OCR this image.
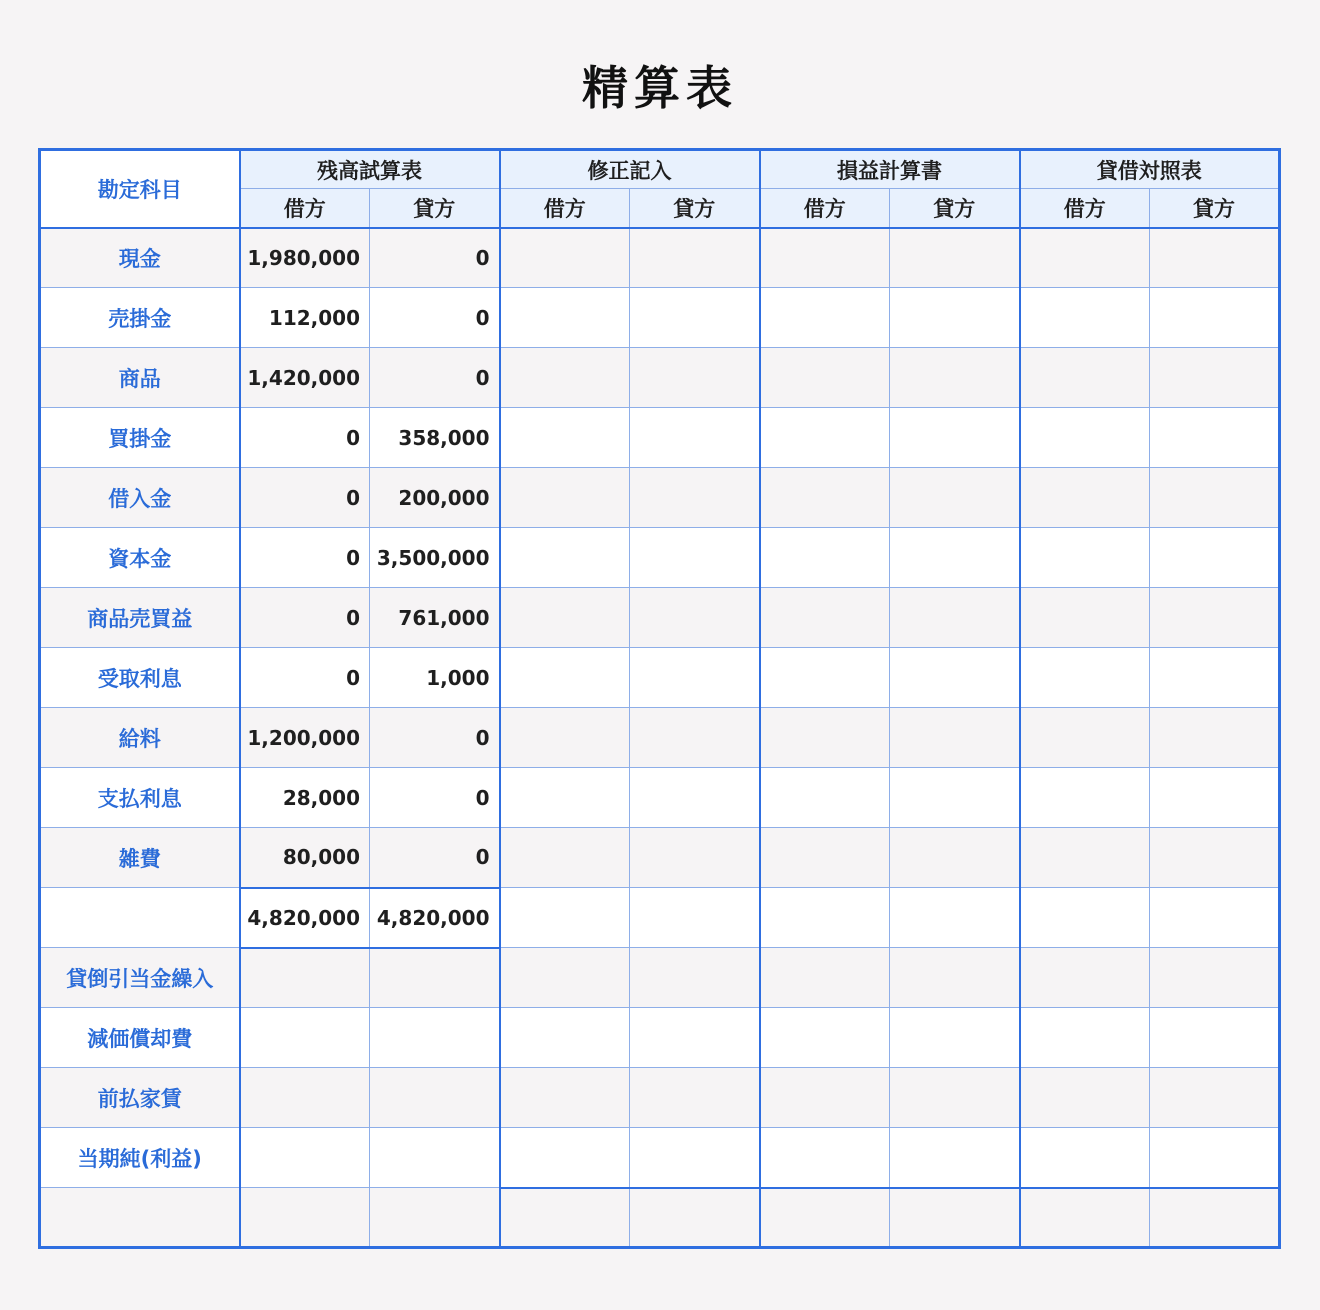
精算表
勘定科目	残高試算表		修正記入		損益計算書		貸借対照表	
	借方	貸方	借方	貸方	借方	貸方	借方	貸方
現金	1,980,000	0						
売掛金	112,000	0						
商品	1,420,000	0						
買掛金	0	358,000						
借入金	0	200,000						
資本金	0	3,500,000						
商品売買益	0	761,000						
受取利息	0	1,000						
給料	1,200,000	0						
支払利息	28,000	0						
雑費	80,000	0						
	4,820,000	4,820,000						
貸倒引当金繰入								
減価償却費								
前払家賃								
当期純(利益)								
